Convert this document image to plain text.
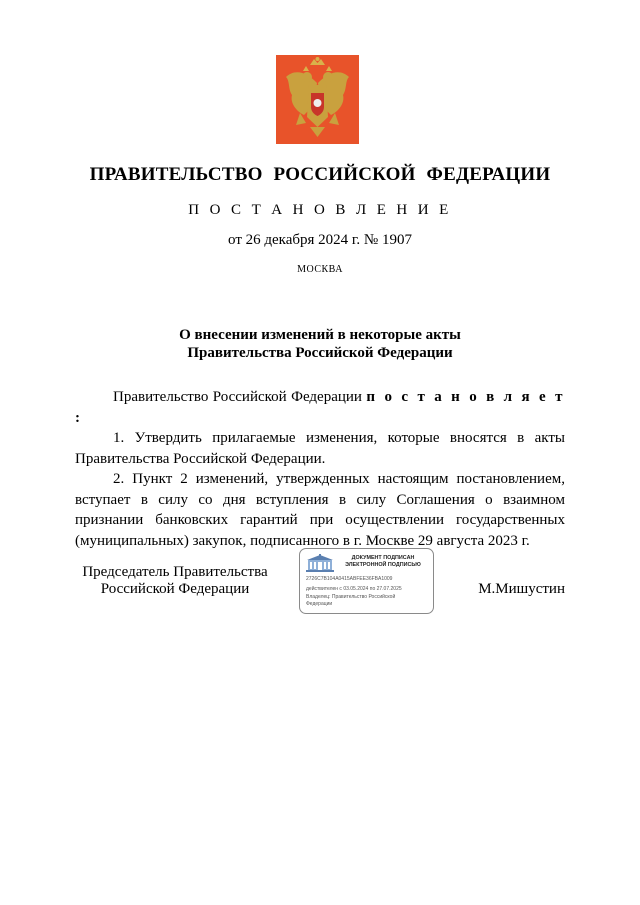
ПРАВИТЕЛЬСТВО РОССИЙСКОЙ ФЕДЕРАЦИИ
П О С Т А Н О В Л Е Н И Е
от 26 декабря 2024 г. № 1907
МОСКВА
О внесении изменений в некоторые акты
Правительства Российской Федерации

Правительство Российской Федерации п о с т а н о в л я е т :

1. Утвердить прилагаемые изменения, которые вносятся в акты Правительства Российской Федерации.

2. Пункт 2 изменений, утвержденных настоящим постановлением, вступает в силу со дня вступления в силу Соглашения о взаимном признании банковских гарантий при осуществлении государственных (муниципальных) закупок, подписанного в г. Москве 29 августа 2023 г.

Председатель Правительства
Российской Федерации
ДОКУМЕНТ ПОДПИСАН
ЭЛЕКТРОННОЙ ПОДПИСЬЮ
2726C7B104A0415ABFEE36FBA1009
действителен с 03.05.2024 по 27.07.2025
Владелец: Правительство Российской
Федерации
М.Мишустин
